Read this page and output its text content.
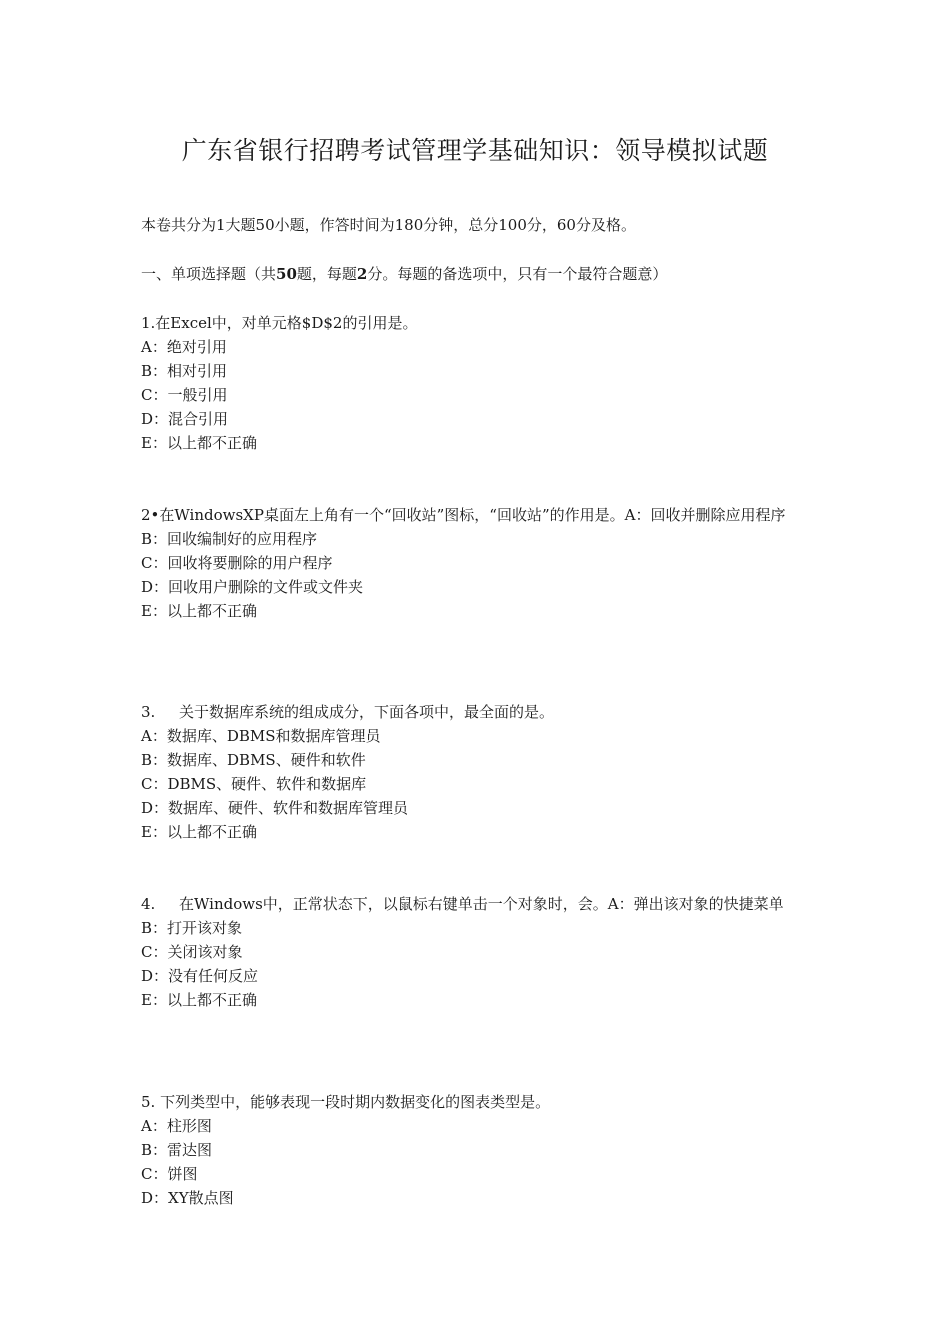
广东省银行招聘考试管理学基础知识：领导模拟试题
本卷共分为1大题50小题，作答时间为180分钟，总分100分，60分及格。
一、单项选择题（共50题，每题2分。每题的备选项中，只有一个最符合题意）
1.在Excel中，对单元格$D$2的引用是。
A：绝对引用
B：相对引用
C：一般引用
D：混合引用
E：以上都不正确
2•在WindowsXP桌面左上角有一个“回收站”图标，“回收站”的作用是。A：回收并删除应用程序
B：回收编制好的应用程序
C：回收将要删除的用户程序
D：回收用户删除的文件或文件夹
E：以上都不正确
3. 关于数据库系统的组成成分，下面各项中，最全面的是。
A：数据库、DBMS和数据库管理员
B：数据库、DBMS、硬件和软件
C：DBMS、硬件、软件和数据库
D：数据库、硬件、软件和数据库管理员
E：以上都不正确
4. 在Windows中，正常状态下，以鼠标右键单击一个对象时，会。A：弹出该对象的快捷菜单
B：打开该对象
C：关闭该对象
D：没有任何反应
E：以上都不正确
5. 下列类型中，能够表现一段时期内数据变化的图表类型是。
A：柱形图
B：雷达图
C：饼图
D：XY散点图
